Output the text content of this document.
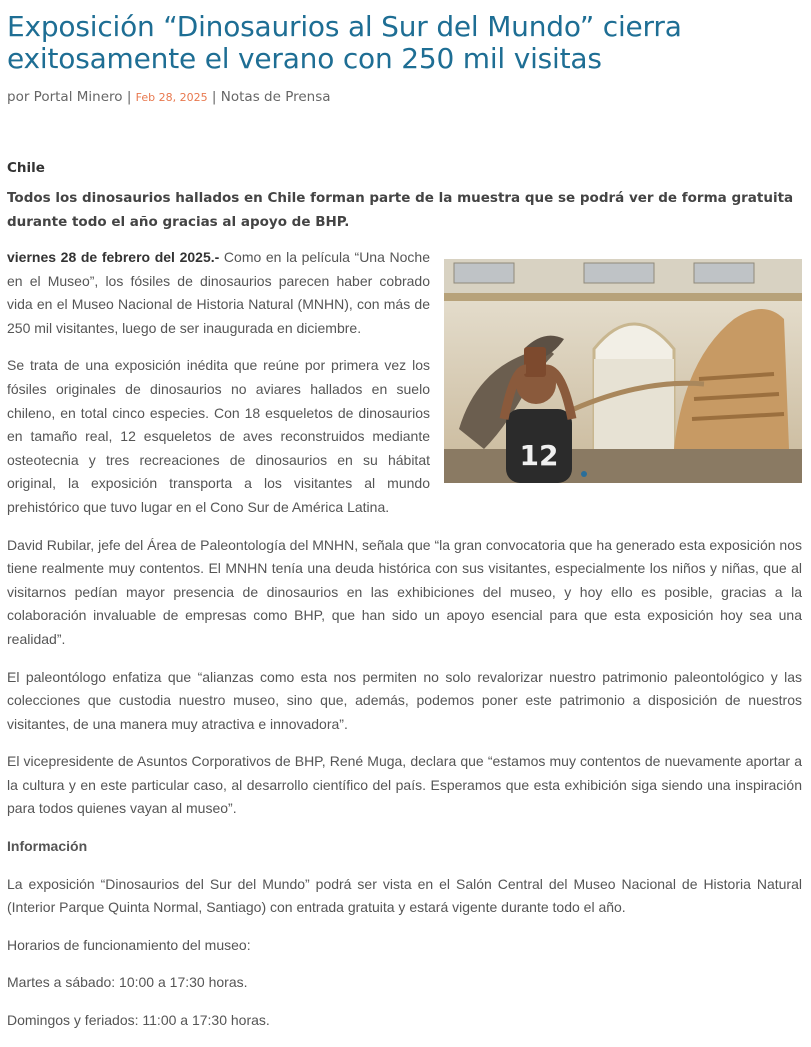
Exposición “Dinosaurios al Sur del Mundo” cierra exitosamente el verano con 250 mil visitas
por Portal Minero | Feb 28, 2025 | Notas de Prensa
Chile
Todos los dinosaurios hallados en Chile forman parte de la muestra que se podrá ver de forma gratuita durante todo el año gracias al apoyo de BHP.
12

viernes 28 de febrero del 2025.- Como en la película “Una Noche en el Museo”, los fósiles de dinosaurios parecen haber cobrado vida en el Museo Nacional de Historia Natural (MNHN), con más de 250 mil visitantes, luego de ser inaugurada en diciembre.

Se trata de una exposición inédita que reúne por primera vez los fósiles originales de dinosaurios no aviares hallados en suelo chileno, en total cinco especies. Con 18 esqueletos de dinosaurios en tamaño real, 12 esqueletos de aves reconstruidos mediante osteotecnia y tres recreaciones de dinosaurios en su hábitat original, la exposición transporta a los visitantes al mundo prehistórico que tuvo lugar en el Cono Sur de América Latina.

David Rubilar, jefe del Área de Paleontología del MNHN, señala que “la gran convocatoria que ha generado esta exposición nos tiene realmente muy contentos. El MNHN tenía una deuda histórica con sus visitantes, especialmente los niños y niñas, que al visitarnos pedían mayor presencia de dinosaurios en las exhibiciones del museo, y hoy ello es posible, gracias a la colaboración invaluable de empresas como BHP, que han sido un apoyo esencial para que esta exposición hoy sea una realidad”.

El paleontólogo enfatiza que “alianzas como esta nos permiten no solo revalorizar nuestro patrimonio paleontológico y las colecciones que custodia nuestro museo, sino que, además, podemos poner este patrimonio a disposición de nuestros visitantes, de una manera muy atractiva e innovadora”.

El vicepresidente de Asuntos Corporativos de BHP, René Muga, declara que “estamos muy contentos de nuevamente aportar a la cultura y en este particular caso, al desarrollo científico del país. Esperamos que esta exhibición siga siendo una inspiración para todos quienes vayan al museo”.

Información

La exposición “Dinosaurios del Sur del Mundo” podrá ser vista en el Salón Central del Museo Nacional de Historia Natural (Interior Parque Quinta Normal, Santiago) con entrada gratuita y estará vigente durante todo el año.

Horarios de funcionamiento del museo:

Martes a sábado: 10:00 a 17:30 horas.

Domingos y feriados: 11:00 a 17:30 horas.
